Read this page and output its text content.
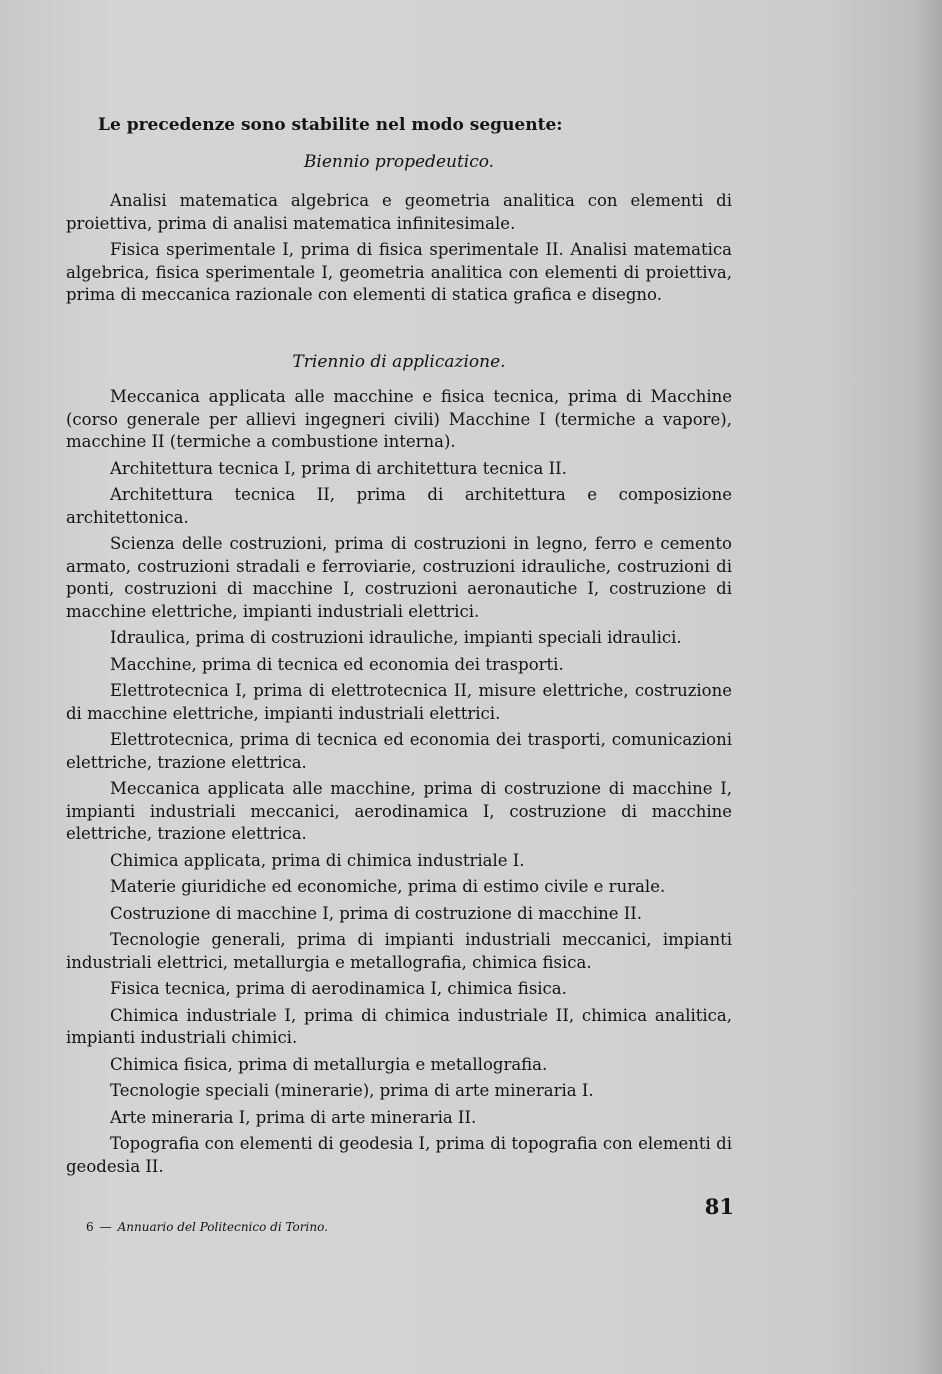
Le precedenze sono stabilite nel modo seguente:
Biennio propedeutico.

Analisi matematica algebrica e geometria analitica con elementi di proiettiva, prima di analisi matematica infinitesimale.

Fisica sperimentale I, prima di fisica sperimentale II. Analisi matematica algebrica, fisica sperimentale I, geometria analitica con elementi di proiettiva, prima di meccanica razionale con elementi di statica grafica e disegno.

Triennio di applicazione.

Meccanica applicata alle macchine e fisica tecnica, prima di Macchine (corso generale per allievi ingegneri civili) Macchine I (termiche a vapore), macchine II (termiche a combustione interna).

Architettura tecnica I, prima di architettura tecnica II.

Architettura tecnica II, prima di architettura e composizione architettonica.

Scienza delle costruzioni, prima di costruzioni in legno, ferro e cemento armato, costruzioni stradali e ferroviarie, costruzioni idrauliche, costruzioni di ponti, costruzioni di macchine I, costruzioni aeronautiche I, costruzione di macchine elettriche, impianti industriali elettrici.

Idraulica, prima di costruzioni idrauliche, impianti speciali idraulici.

Macchine, prima di tecnica ed economia dei trasporti.

Elettrotecnica I, prima di elettrotecnica II, misure elettriche, costruzione di macchine elettriche, impianti industriali elettrici.

Elettrotecnica, prima di tecnica ed economia dei trasporti, comunicazioni elettriche, trazione elettrica.

Meccanica applicata alle macchine, prima di costruzione di macchine I, impianti industriali meccanici, aerodinamica I, costruzione di macchine elettriche, trazione elettrica.

Chimica applicata, prima di chimica industriale I.

Materie giuridiche ed economiche, prima di estimo civile e rurale.

Costruzione di macchine I, prima di costruzione di macchine II.

Tecnologie generali, prima di impianti industriali meccanici, impianti industriali elettrici, metallurgia e metallografia, chimica fisica.

Fisica tecnica, prima di aerodinamica I, chimica fisica.

Chimica industriale I, prima di chimica industriale II, chimica analitica, impianti industriali chimici.

Chimica fisica, prima di metallurgia e metallografia.

Tecnologie speciali (minerarie), prima di arte mineraria I.

Arte mineraria I, prima di arte mineraria II.

Topografia con elementi di geodesia I, prima di topografia con elementi di geodesia II.

6 — Annuario del Politecnico di Torino.
81
